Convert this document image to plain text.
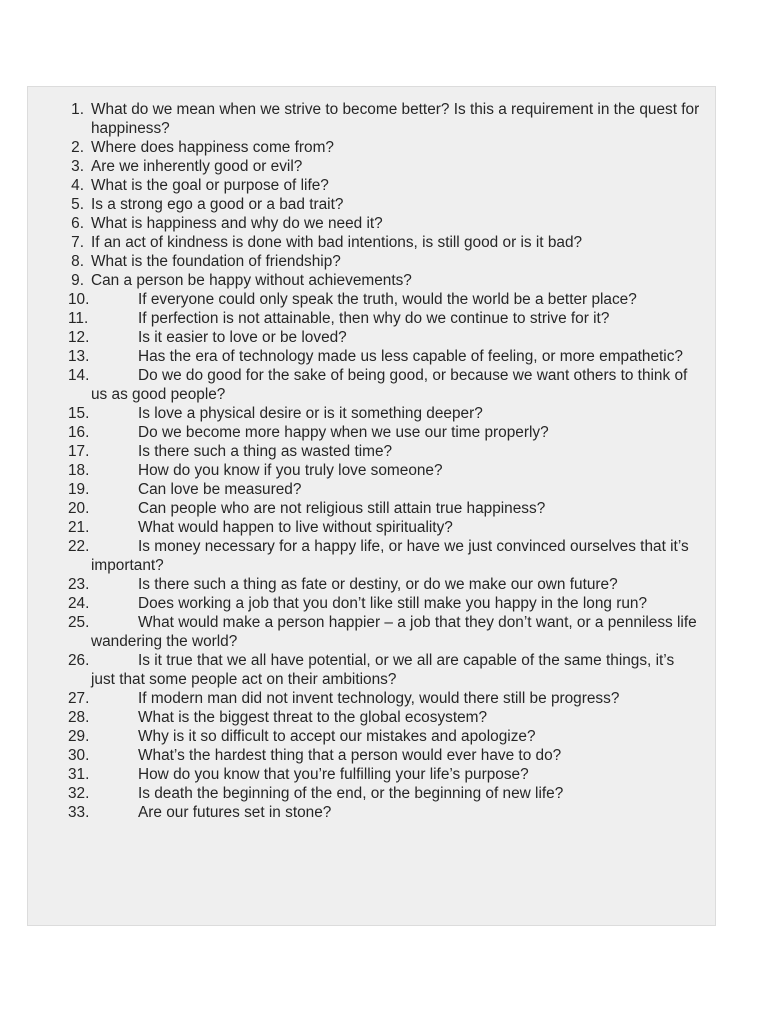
1. What do we mean when we strive to become better? Is this a requirement in the quest for happiness?
2. Where does happiness come from?
3. Are we inherently good or evil?
4. What is the goal or purpose of life?
5. Is a strong ego a good or a bad trait?
6. What is happiness and why do we need it?
7. If an act of kindness is done with bad intentions, is still good or is it bad?
8. What is the foundation of friendship?
9. Can a person be happy without achievements?
10.	If everyone could only speak the truth, would the world be a better place?
11.	If perfection is not attainable, then why do we continue to strive for it?
12.	Is it easier to love or be loved?
13.	Has the era of technology made us less capable of feeling, or more empathetic?
14.	Do we do good for the sake of being good, or because we want others to think of us as good people?
15.	Is love a physical desire or is it something deeper?
16.	Do we become more happy when we use our time properly?
17.	Is there such a thing as wasted time?
18.	How do you know if you truly love someone?
19.	Can love be measured?
20.	Can people who are not religious still attain true happiness?
21.	What would happen to live without spirituality?
22.	Is money necessary for a happy life, or have we just convinced ourselves that it’s important?
23.	Is there such a thing as fate or destiny, or do we make our own future?
24.	Does working a job that you don’t like still make you happy in the long run?
25.	What would make a person happier – a job that they don’t want, or a penniless life wandering the world?
26.	Is it true that we all have potential, or we all are capable of the same things, it’s just that some people act on their ambitions?
27.	If modern man did not invent technology, would there still be progress?
28.	What is the biggest threat to the global ecosystem?
29.	Why is it so difficult to accept our mistakes and apologize?
30.	What’s the hardest thing that a person would ever have to do?
31.	How do you know that you’re fulfilling your life’s purpose?
32.	Is death the beginning of the end, or the beginning of new life?
33.	Are our futures set in stone?
